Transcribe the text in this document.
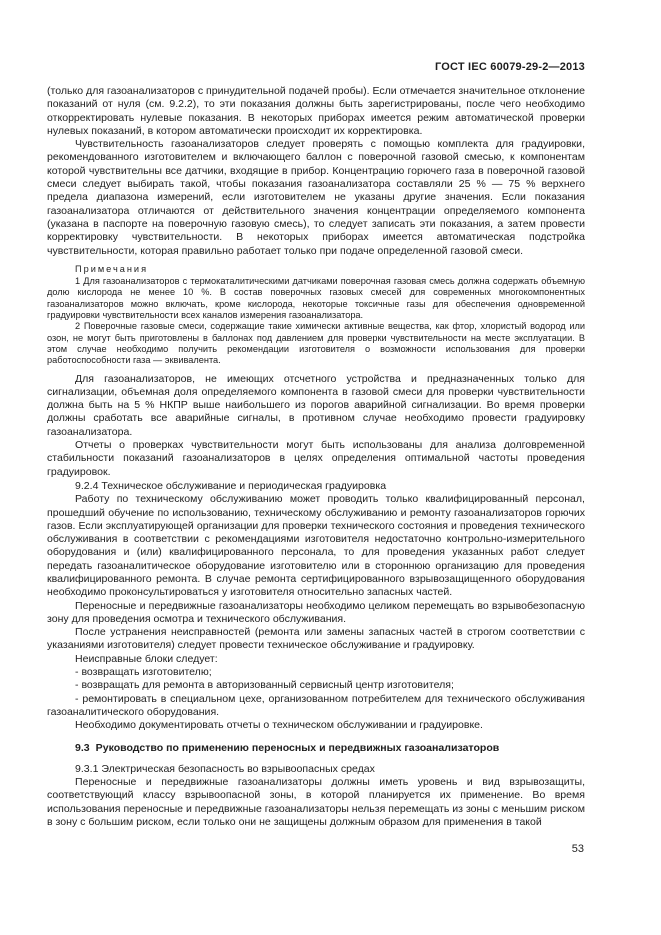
ГОСТ IEC 60079-29-2—2013

(только для газоанализаторов с принудительной подачей пробы). Если отмечается значительное отклонение показаний от нуля (см. 9.2.2), то эти показания должны быть зарегистрированы, после чего необходимо откорректировать нулевые показания. В некоторых приборах имеется режим автоматической проверки нулевых показаний, в котором автоматически происходит их корректировка.

Чувствительность газоанализаторов следует проверять с помощью комплекта для градуировки, рекомендованного изготовителем и включающего баллон с поверочной газовой смесью, к компонентам которой чувствительны все датчики, входящие в прибор. Концентрацию горючего газа в поверочной газовой смеси следует выбирать такой, чтобы показания газоанализатора составляли 25 % — 75 % верхнего предела диапазона измерений, если изготовителем не указаны другие значения. Если показания газоанализатора отличаются от действительного значения концентрации определяемого компонента (указана в паспорте на поверочную газовую смесь), то следует записать эти показания, а затем провести корректировку чувствительности. В некоторых приборах имеется автоматическая подстройка чувствительности, которая правильно работает только при подаче определенной газовой смеси.

Примечания

1 Для газоанализаторов с термокаталитическими датчиками поверочная газовая смесь должна содержать объемную долю кислорода не менее 10 %. В состав поверочных газовых смесей для современных многокомпонентных газоанализаторов можно включать, кроме кислорода, некоторые токсичные газы для обеспечения одновременной градуировки чувствительности всех каналов измерения газоанализатора.

2 Поверочные газовые смеси, содержащие такие химически активные вещества, как фтор, хлористый водород или озон, не могут быть приготовлены в баллонах под давлением для проверки чувствительности на месте эксплуатации. В этом случае необходимо получить рекомендации изготовителя о возможности использования для проверки работоспособности газа — эквивалента.

Для газоанализаторов, не имеющих отсчетного устройства и предназначенных только для сигнализации, объемная доля определяемого компонента в газовой смеси для проверки чувствительности должна быть на 5 % НКПР выше наибольшего из порогов аварийной сигнализации. Во время проверки должны сработать все аварийные сигналы, в противном случае необходимо провести градуировку газоанализатора.

Отчеты о проверках чувствительности могут быть использованы для анализа долговременной стабильности показаний газоанализаторов в целях определения оптимальной частоты проведения градуировок.

9.2.4 Техническое обслуживание и периодическая градуировка

Работу по техническому обслуживанию может проводить только квалифицированный персонал, прошедший обучение по использованию, техническому обслуживанию и ремонту газоанализаторов горючих газов. Если эксплуатирующей организации для проверки технического состояния и проведения технического обслуживания в соответствии с рекомендациями изготовителя недостаточно контрольно-измерительного оборудования и (или) квалифицированного персонала, то для проведения указанных работ следует передать газоаналитическое оборудование изготовителю или в стороннюю организацию для проведения квалифицированного ремонта. В случае ремонта сертифицированного взрывозащищенного оборудования необходимо проконсультироваться у изготовителя относительно запасных частей.

Переносные и передвижные газоанализаторы необходимо целиком перемещать во взрывобезопасную зону для проведения осмотра и технического обслуживания.

После устранения неисправностей (ремонта или замены запасных частей в строгом соответствии с указаниями изготовителя) следует провести техническое обслуживание и градуировку.

Неисправные блоки следует:

- возвращать изготовителю;

- возвращать для ремонта в авторизованный сервисный центр изготовителя;

- ремонтировать в специальном цехе, организованном потребителем для технического обслуживания газоаналитического оборудования.

Необходимо документировать отчеты о техническом обслуживании и градуировке.

9.3 Руководство по применению переносных и передвижных газоанализаторов

9.3.1 Электрическая безопасность во взрывоопасных средах

Переносные и передвижные газоанализаторы должны иметь уровень и вид взрывозащиты, соответствующий классу взрывоопасной зоны, в которой планируется их применение. Во время использования переносные и передвижные газоанализаторы нельзя перемещать из зоны с меньшим риском в зону с большим риском, если только они не защищены должным образом для применения в такой

53
